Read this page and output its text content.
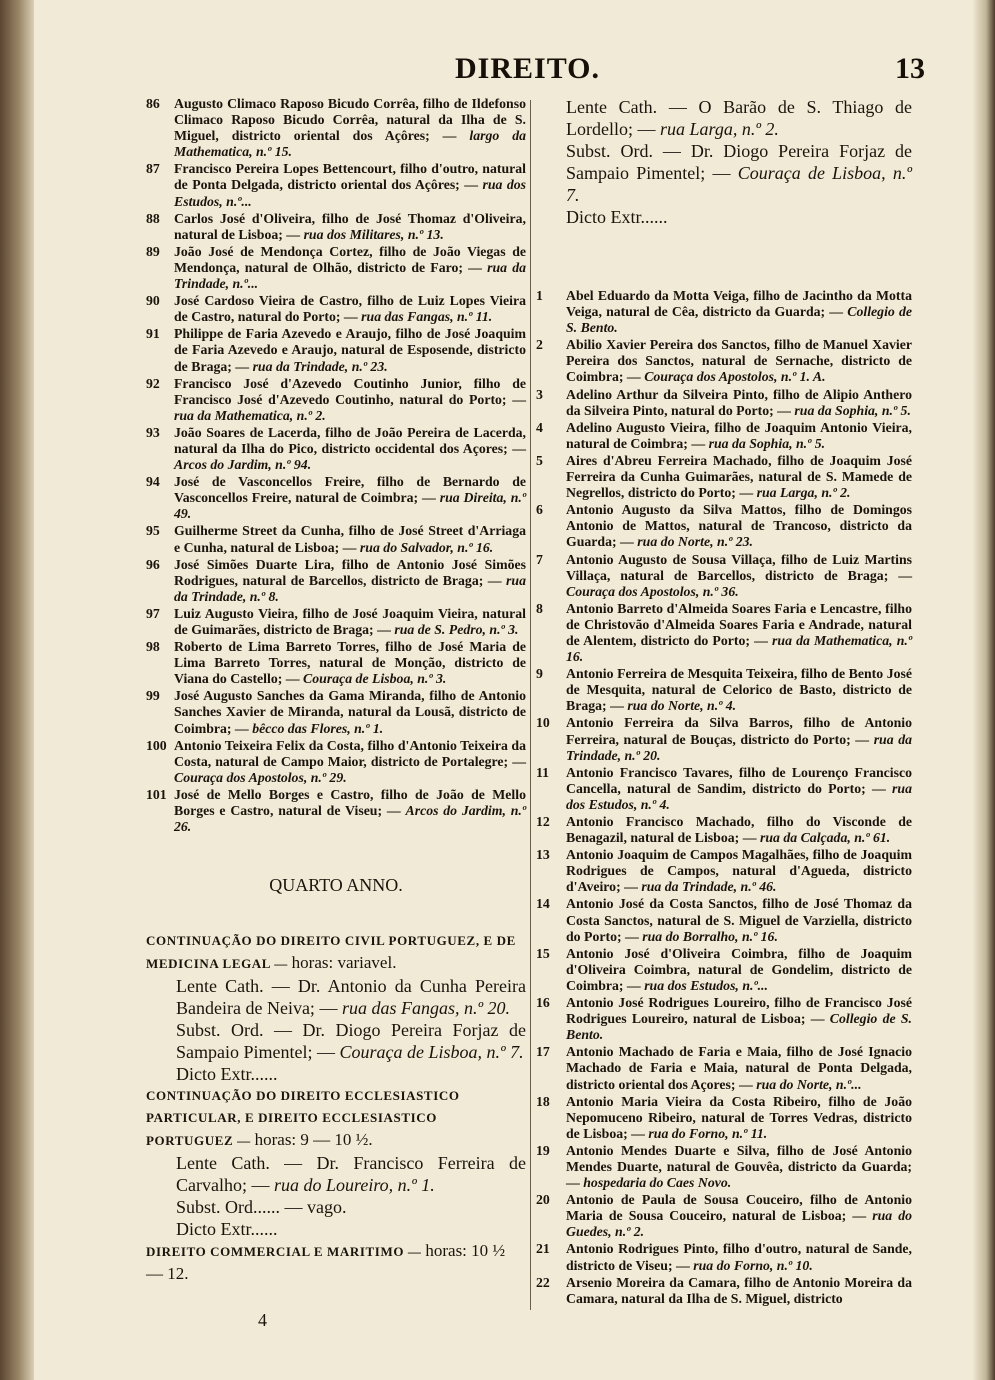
DIREITO.	13
86	Augusto Climaco Raposo Bicudo Corrêa, filho de Ildefonso Climaco Raposo Bicudo Corrêa, natural da Ilha de S. Miguel, districto oriental dos Açôres; — largo da Mathematica, n.º 15.
87	Francisco Pereira Lopes Bettencourt, filho d'outro, natural de Ponta Delgada, districto oriental dos Açôres; — rua dos Estudos, n.º...
88	Carlos José d'Oliveira, filho de José Thomaz d'Oliveira, natural de Lisboa; — rua dos Militares, n.º 13.
89	João José de Mendonça Cortez, filho de João Viegas de Mendonça, natural de Olhão, districto de Faro; — rua da Trindade, n.º...
90	José Cardoso Vieira de Castro, filho de Luiz Lopes Vieira de Castro, natural do Porto; — rua das Fangas, n.º 11.
91	Philippe de Faria Azevedo e Araujo, filho de José Joaquim de Faria Azevedo e Araujo, natural de Esposende, districto de Braga; — rua da Trindade, n.º 23.
92	Francisco José d'Azevedo Coutinho Junior, filho de Francisco José d'Azevedo Coutinho, natural do Porto; — rua da Mathematica, n.º 2.
93	João Soares de Lacerda, filho de João Pereira de Lacerda, natural da Ilha do Pico, districto occidental dos Açores; — Arcos do Jardim, n.º 94.
94	José de Vasconcellos Freire, filho de Bernardo de Vasconcellos Freire, natural de Coimbra; — rua Direita, n.º 49.
95	Guilherme Street da Cunha, filho de José Street d'Arriaga e Cunha, natural de Lisboa; — rua do Salvador, n.º 16.
96	José Simões Duarte Lira, filho de Antonio José Simões Rodrigues, natural de Barcellos, districto de Braga; — rua da Trindade, n.º 8.
97	Luiz Augusto Vieira, filho de José Joaquim Vieira, natural de Guimarães, districto de Braga; — rua de S. Pedro, n.º 3.
98	Roberto de Lima Barreto Torres, filho de José Maria de Lima Barreto Torres, natural de Monção, districto de Viana do Castello; — Couraça de Lisboa, n.º 3.
99	José Augusto Sanches da Gama Miranda, filho de Antonio Sanches Xavier de Miranda, natural da Lousã, districto de Coimbra; — bêcco das Flores, n.º 1.
100 Antonio Teixeira Felix da Costa, filho d'Antonio Teixeira da Costa, natural de Campo Maior, districto de Portalegre; — Couraça dos Apostolos, n.º 29.
101 José de Mello Borges e Castro, filho de João de Mello Borges e Castro, natural de Viseu; — Arcos do Jardim, n.º 26.
QUARTO ANNO.
CONTINUAÇÃO DO DIREITO CIVIL PORTUGUEZ, E DE MEDICINA LEGAL — horas: variavel.
Lente Cath. — Dr. Antonio da Cunha Pereira Bandeira de Neiva; — rua das Fangas, n.º 20.
Subst. Ord. — Dr. Diogo Pereira Forjaz de Sampaio Pimentel; — Couraça de Lisboa, n.º 7.
Dicto Extr......
CONTINUAÇÃO DO DIREITO ECCLESIASTICO PARTICULAR, E DIREITO ECCLESIASTICO PORTUGUEZ — horas: 9 — 10 ½.
Lente Cath. — Dr. Francisco Ferreira de Carvalho; — rua do Loureiro, n.º 1.
Subst. Ord...... — vago.
Dicto Extr......
DIREITO COMMERCIAL E MARITIMO — horas: 10 ½ — 12.
Lente Cath. — O Barão de S. Thiago de Lordello; — rua Larga, n.º 2.
Subst. Ord. — Dr. Diogo Pereira Forjaz de Sampaio Pimentel; — Couraça de Lisboa, n.º 7.
Dicto Extr......
1	Abel Eduardo da Motta Veiga, filho de Jacintho da Motta Veiga, natural de Cêa, districto da Guarda; — Collegio de S. Bento.
2	Abilio Xavier Pereira dos Sanctos, filho de Manuel Xavier Pereira dos Sanctos, natural de Sernache, districto de Coimbra; — Couraça dos Apostolos, n.º 1. A.
3	Adelino Arthur da Silveira Pinto, filho de Alipio Anthero da Silveira Pinto, natural do Porto; — rua da Sophia, n.º 5.
4	Adelino Augusto Vieira, filho de Joaquim Antonio Vieira, natural de Coimbra; — rua da Sophia, n.º 5.
5	Aires d'Abreu Ferreira Machado, filho de Joaquim José Ferreira da Cunha Guimarães, natural de S. Mamede de Negrellos, districto do Porto; — rua Larga, n.º 2.
6	Antonio Augusto da Silva Mattos, filho de Domingos Antonio de Mattos, natural de Trancoso, districto da Guarda; — rua do Norte, n.º 23.
7	Antonio Augusto de Sousa Villaça, filho de Luiz Martins Villaça, natural de Barcellos, districto de Braga; — Couraça dos Apostolos, n.º 36.
8	Antonio Barreto d'Almeida Soares Faria e Lencastre, filho de Christovão d'Almeida Soares Faria e Andrade, natural de Alentem, districto do Porto; — rua da Mathematica, n.º 16.
9	Antonio Ferreira de Mesquita Teixeira, filho de Bento José de Mesquita, natural de Celorico de Basto, districto de Braga; — rua do Norte, n.º 4.
10	Antonio Ferreira da Silva Barros, filho de Antonio Ferreira, natural de Bouças, districto do Porto; — rua da Trindade, n.º 20.
11	Antonio Francisco Tavares, filho de Lourenço Francisco Cancella, natural de Sandim, districto do Porto; — rua dos Estudos, n.º 4.
12	Antonio Francisco Machado, filho do Visconde de Benagazil, natural de Lisboa; — rua da Calçada, n.º 61.
13	Antonio Joaquim de Campos Magalhães, filho de Joaquim Rodrigues de Campos, natural d'Agueda, districto d'Aveiro; — rua da Trindade, n.º 46.
14	Antonio José da Costa Sanctos, filho de José Thomaz da Costa Sanctos, natural de S. Miguel de Varziella, districto do Porto; — rua do Borralho, n.º 16.
15	Antonio José d'Oliveira Coimbra, filho de Joaquim d'Oliveira Coimbra, natural de Gondelim, districto de Coimbra; — rua dos Estudos, n.º...
16	Antonio José Rodrigues Loureiro, filho de Francisco José Rodrigues Loureiro, natural de Lisboa; — Collegio de S. Bento.
17	Antonio Machado de Faria e Maia, filho de José Ignacio Machado de Faria e Maia, natural de Ponta Delgada, districto oriental dos Açores; — rua do Norte, n.º...
18	Antonio Maria Vieira da Costa Ribeiro, filho de João Nepomuceno Ribeiro, natural de Torres Vedras, districto de Lisboa; — rua do Forno, n.º 11.
19	Antonio Mendes Duarte e Silva, filho de José Antonio Mendes Duarte, natural de Gouvêa, districto da Guarda; — hospedaria do Caes Novo.
20	Antonio de Paula de Sousa Couceiro, filho de Antonio Maria de Sousa Couceiro, natural de Lisboa; — rua do Guedes, n.º 2.
21	Antonio Rodrigues Pinto, filho d'outro, natural de Sande, districto de Viseu; — rua do Forno, n.º 10.
22	Arsenio Moreira da Camara, filho de Antonio Moreira da Camara, natural da Ilha de S. Miguel, districto
4
